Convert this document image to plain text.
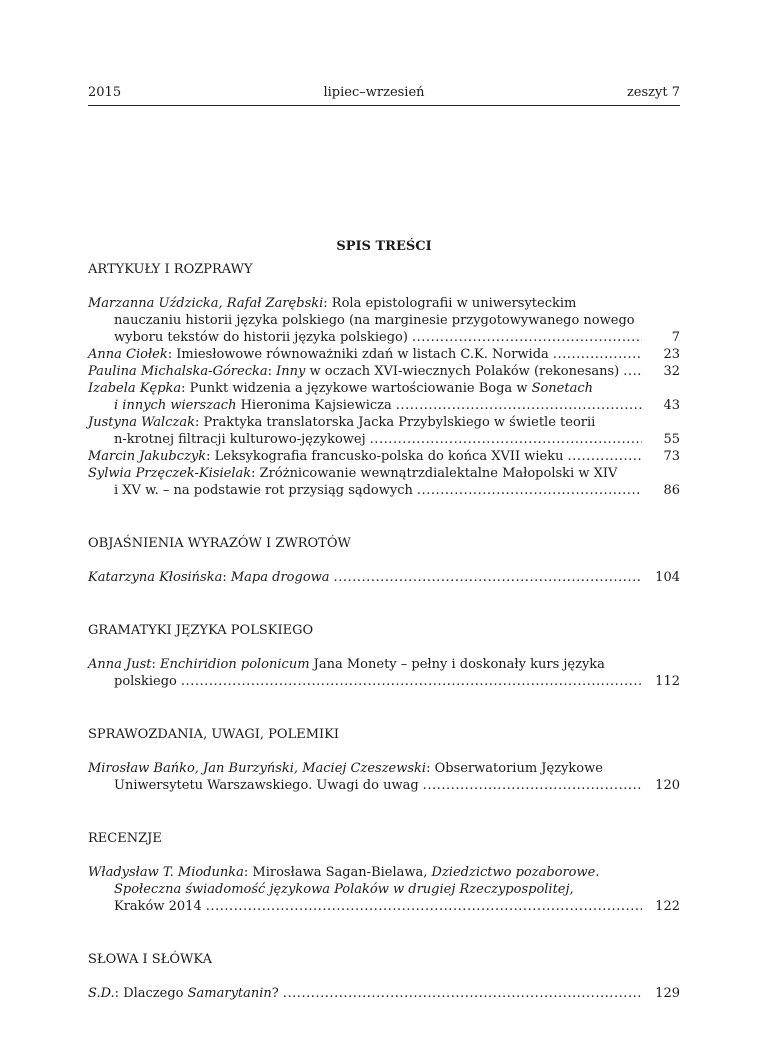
2015	lipiec–wrzesień	zeszyt 7
SPIS TREŚCI
ARTYKUŁY I ROZPRAWY
Marzanna Uździcka, Rafał Zarębski: Rola epistolografii w uniwersyteckim
nauczaniu historii języka polskiego (na marginesie przygotowywanego nowego
wyboru tekstów do historii języka polskiego) . . .	7
Anna Ciołek: Imiesłowowe równoważniki zdań w listach C.K. Norwida . . .	23
Paulina Michalska-Górecka: Inny w oczach XVI-wiecznych Polaków (rekonesans) . . .	32
Izabela Kępka: Punkt widzenia a językowe wartościowanie Boga w Sonetach
i innych wierszach Hieronima Kajsiewicza . . .	43
Justyna Walczak: Praktyka translatorska Jacka Przybylskiego w świetle teorii
n-krotnej filtracji kulturowo-językowej . . .	55
Marcin Jakubczyk: Leksykografia francusko-polska do końca XVII wieku . . .	73
Sylwia Przęczek-Kisielak: Zróżnicowanie wewnątrzdialektalne Małopolski w XIV
i XV w. – na podstawie rot przysiąg sądowych . . .	86
OBJAŚNIENIA WYRAZÓW I ZWROTÓW
Katarzyna Kłosińska: Mapa drogowa . . .	104
GRAMATYKI JĘZYKA POLSKIEGO
Anna Just: Enchiridion polonicum Jana Monety – pełny i doskonały kurs języka
polskiego . . .	112
SPRAWOZDANIA, UWAGI, POLEMIKI
Mirosław Bańko, Jan Burzyński, Maciej Czeszewski: Obserwatorium Językowe
Uniwersytetu Warszawskiego. Uwagi do uwag . . .	120
RECENZJE
Władysław T. Miodunka: Mirosława Sagan-Bielawa, Dziedzictwo pozaborowe.
Społeczna świadomość językowa Polaków w drugiej Rzeczypospolitej,
Kraków 2014 . . .	122
SŁOWA I SŁÓWKA
S.D.: Dlaczego Samarytanin? . . .	129
